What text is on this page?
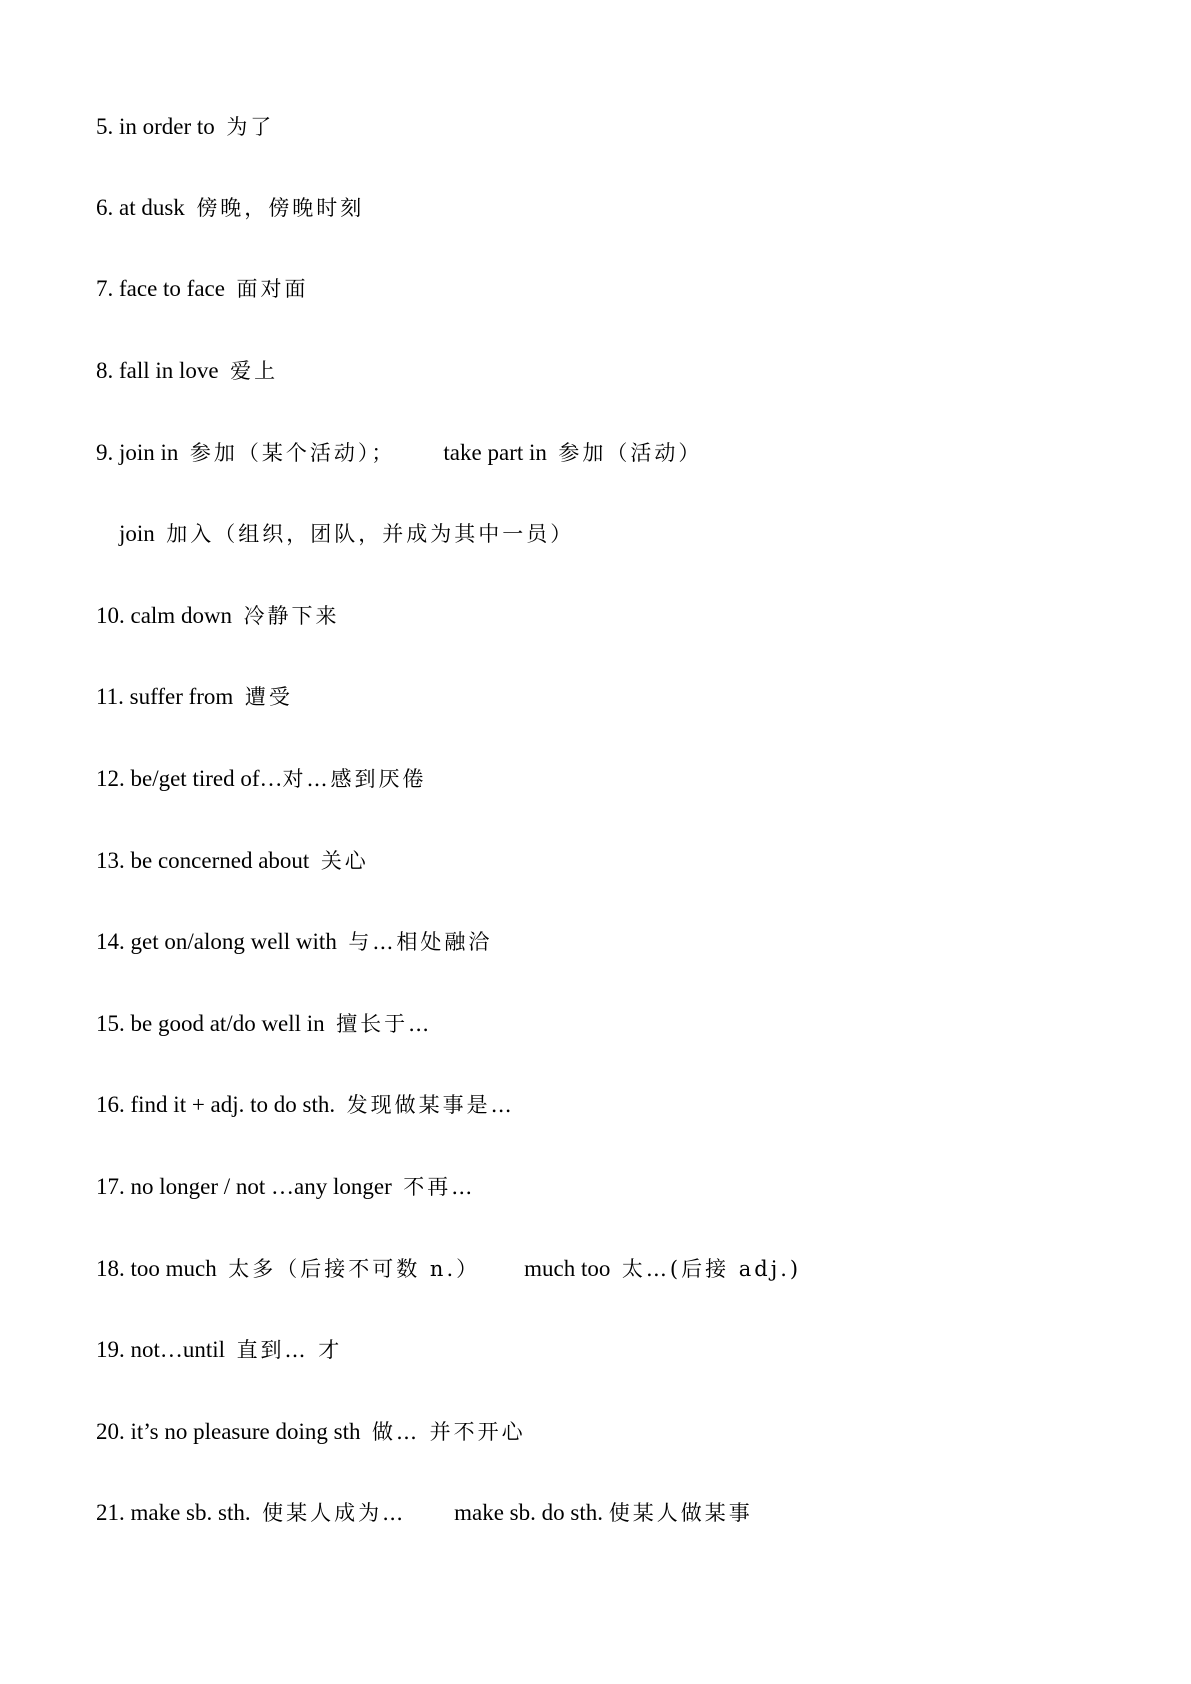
5. in order to 为了

6. at dusk 傍晚，傍晚时刻

7. face to face 面对面

8. fall in love 爱上

9. join in 参加（某个活动）； take part in 参加（活动）

join 加入（组织，团队，并成为其中一员）

10. calm down 冷静下来

11. suffer from 遭受

12. be/get tired of…对…感到厌倦

13. be concerned about 关心

14. get on/along well with 与…相处融洽

15. be good at/do well in 擅长于…

16. find it + adj. to do sth. 发现做某事是…

17. no longer / not …any longer 不再…

18. too much 太多（后接不可数 n.） much too 太…(后接 adj.)

19. not…until 直到… 才

20. it’s no pleasure doing sth 做… 并不开心

21. make sb. sth. 使某人成为… make sb. do sth. 使某人做某事
